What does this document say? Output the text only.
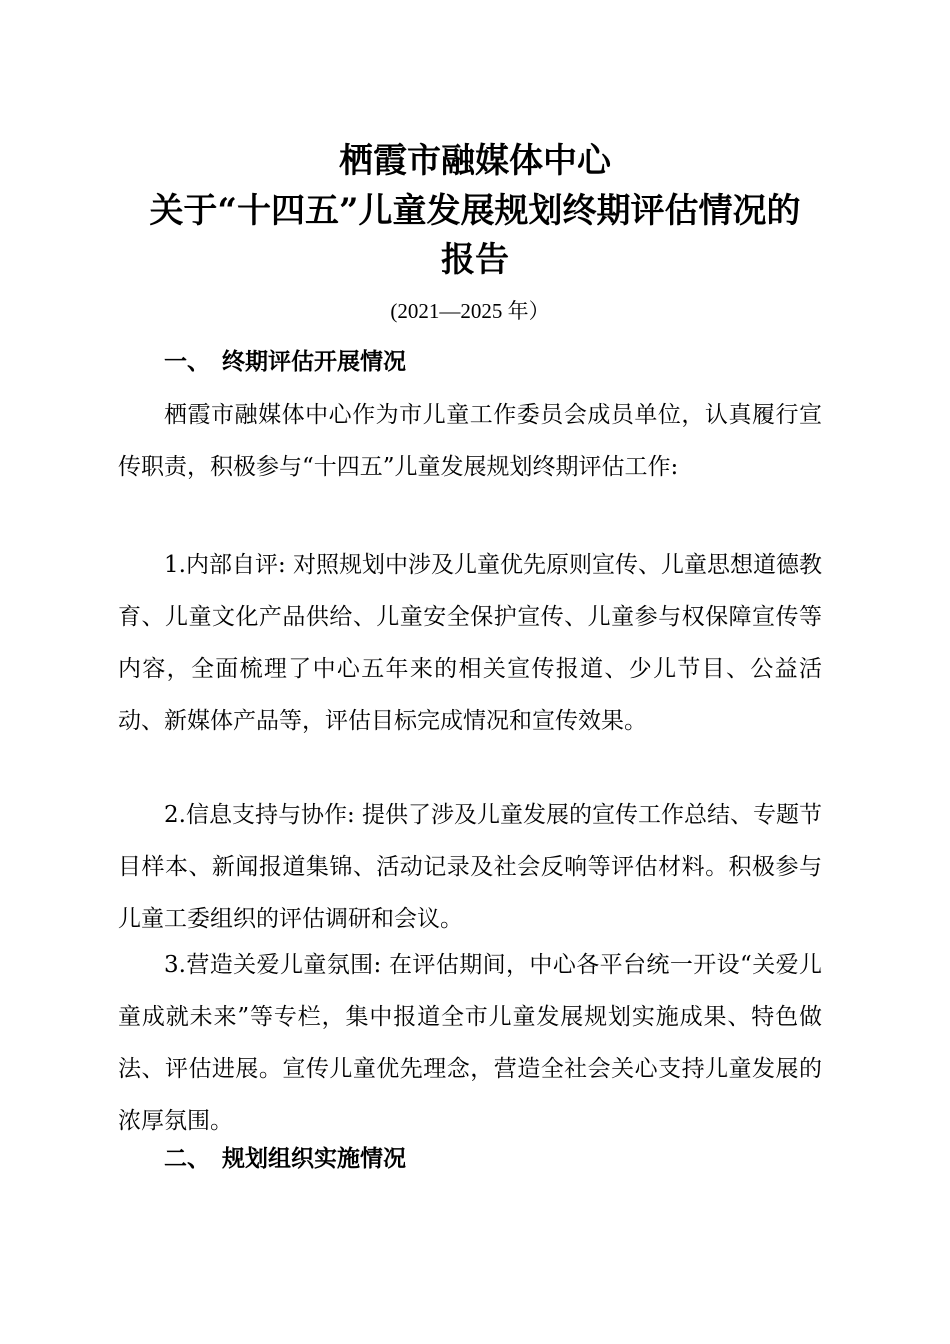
栖霞市融媒体中心
关于“十四五”儿童发展规划终期评估情况的
报告
(2021—2025 年）
一、 终期评估开展情况

栖霞市融媒体中心作为市儿童工作委员会成员单位，认真履行宣传职责，积极参与“十四五”儿童发展规划终期评估工作:

1.内部自评: 对照规划中涉及儿童优先原则宣传、儿童思想道德教育、儿童文化产品供给、儿童安全保护宣传、儿童参与权保障宣传等内容，全面梳理了中心五年来的相关宣传报道、少儿节目、公益活动、新媒体产品等，评估目标完成情况和宣传效果。

2.信息支持与协作: 提供了涉及儿童发展的宣传工作总结、专题节目样本、新闻报道集锦、活动记录及社会反响等评估材料。积极参与儿童工委组织的评估调研和会议。

3.营造关爱儿童氛围: 在评估期间，中心各平台统一开设“关爱儿童成就未来”等专栏，集中报道全市儿童发展规划实施成果、特色做法、评估进展。宣传儿童优先理念，营造全社会关心支持儿童发展的浓厚氛围。

二、 规划组织实施情况
